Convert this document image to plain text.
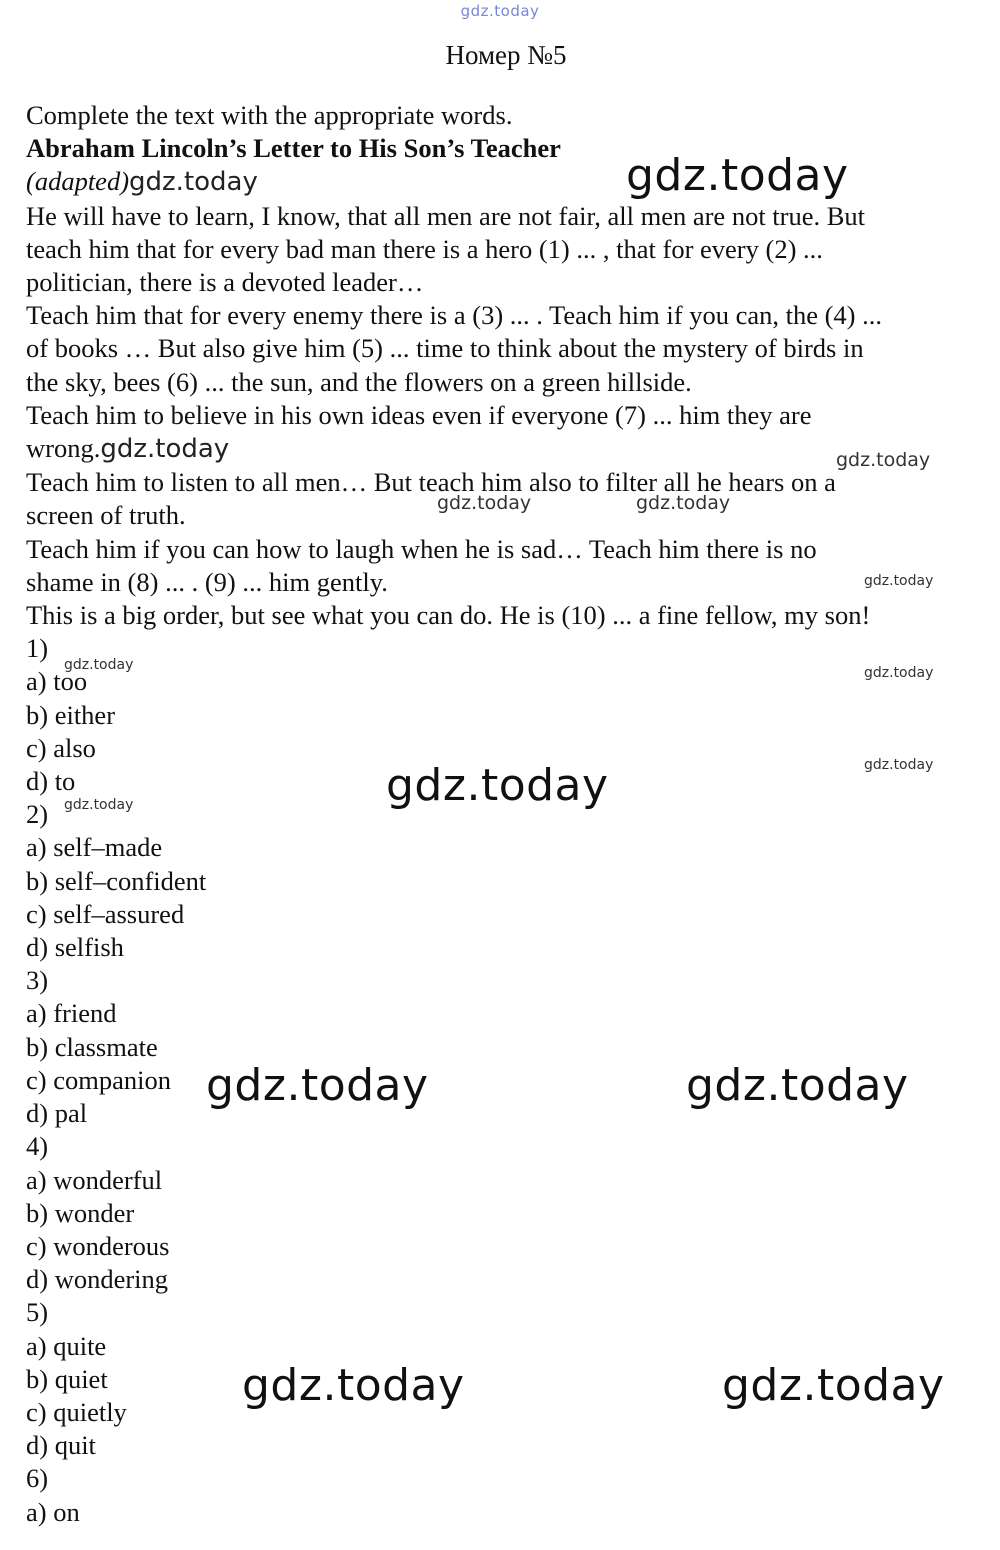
gdz.today
Номер №5
Complete the text with the appropriate words.
Abraham Lincoln’s Letter to His Son’s Teacher
(adapted)gdz.today
He will have to learn, I know, that all men are not fair, all men are not true. But
teach him that for every bad man there is a hero (1) ... , that for every (2) ...
politician, there is a devoted leader…
Teach him that for every enemy there is a (3) ... . Teach him if you can, the (4) ...
of books … But also give him (5) ... time to think about the mystery of birds in
the sky, bees (6) ... the sun, and the flowers on a green hillside.
Teach him to believe in his own ideas even if everyone (7) ... him they are
wrong.gdz.today
Teach him to listen to all men… But teach him also to filter all he hears on a
screen of truth.
Teach him if you can how to laugh when he is sad… Teach him there is no
shame in (8) ... . (9) ... him gently.
This is a big order, but see what you can do. He is (10) ... a fine fellow, my son!
1)
a) too
b) either
c) also
d) to
2)
a) self–made
b) self–confident
c) self–assured
d) selfish
3)
a) friend
b) classmate
c) companion
d) pal
4)
a) wonderful
b) wonder
c) wonderous
d) wondering
5)
a) quite
b) quiet
c) quietly
d) quit
6)
a) on
gdz.today
gdz.today
gdz.today	gdz.today
gdz.today
gdz.today	gdz.today
gdz.today	gdz.today
gdz.today
gdz.today	gdz.today
gdz.today	gdz.today
